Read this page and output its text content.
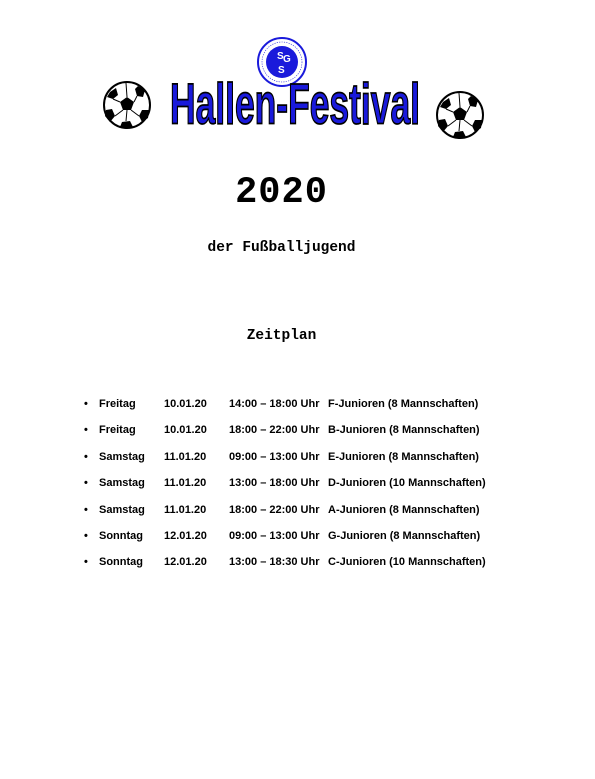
S G
S
Hallen-Festival
2020
der Fußballjugend
Zeitplan
• Freitag	10.01.20 14:00 – 18:00 Uhr F-Junioren (8 Mannschaften)
• Freitag	10.01.20 18:00 – 22:00 Uhr B-Junioren (8 Mannschaften)
• Samstag 11.01.20 09:00 – 13:00 Uhr E-Junioren (8 Mannschaften)
• Samstag 11.01.20 13:00 – 18:00 Uhr D-Junioren (10 Mannschaften)
• Samstag 11.01.20 18:00 – 22:00 Uhr A-Junioren (8 Mannschaften)
• Sonntag 12.01.20 09:00 – 13:00 Uhr G-Junioren (8 Mannschaften)
• Sonntag 12.01.20 13:00 – 18:30 Uhr C-Junioren (10 Mannschaften)
